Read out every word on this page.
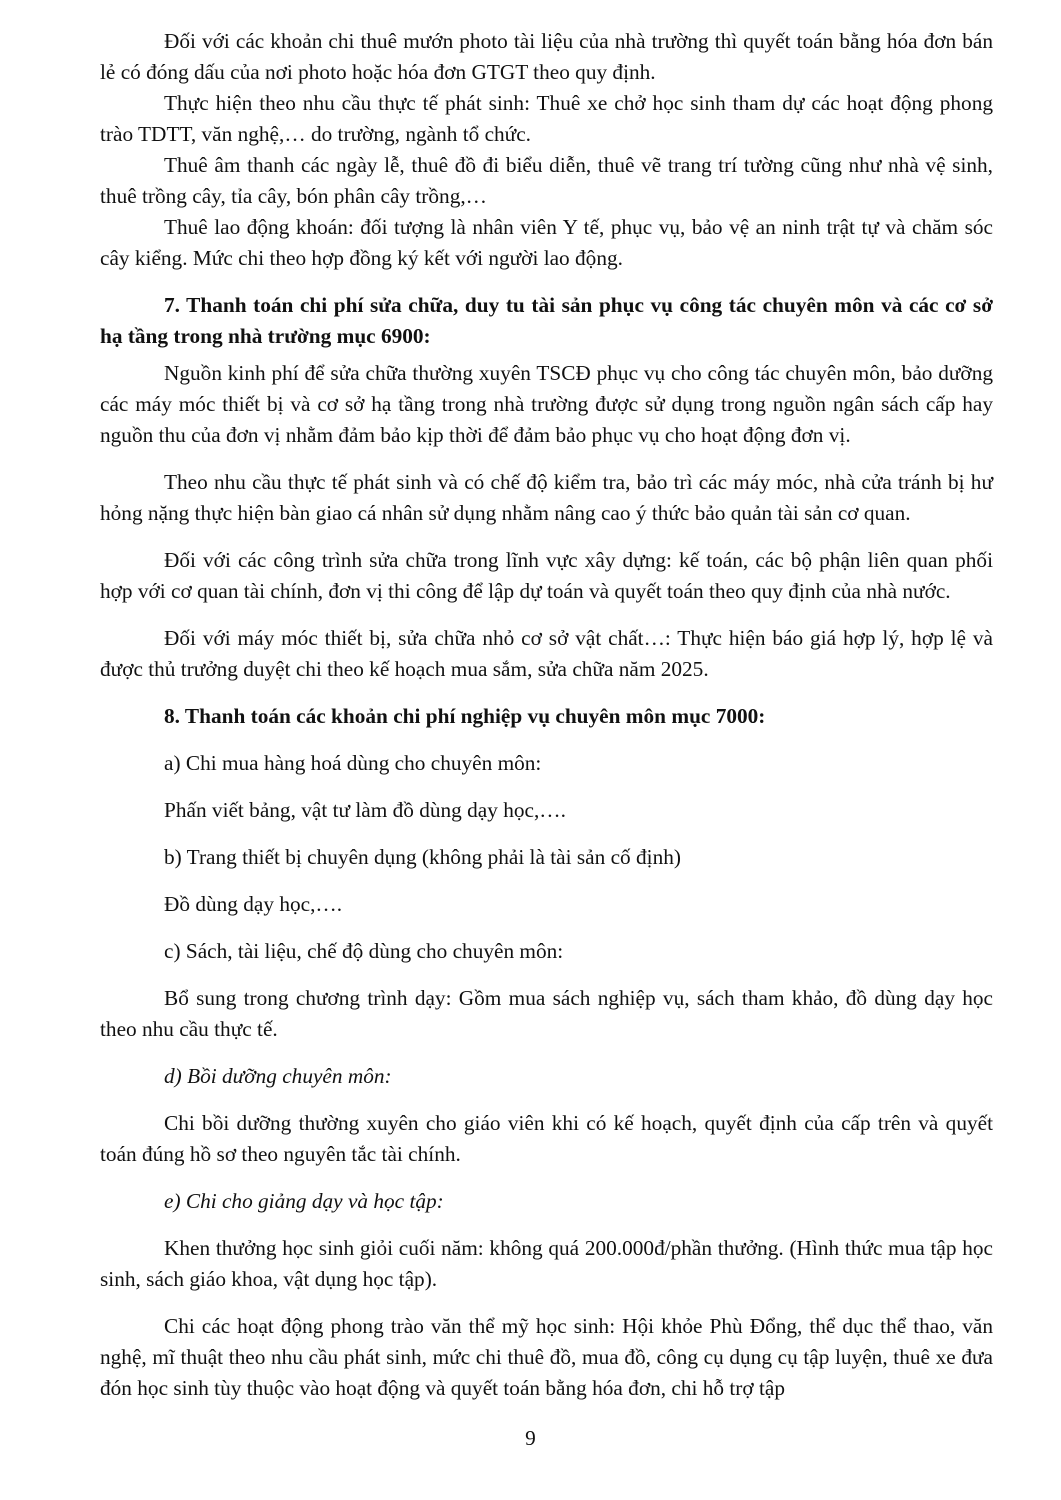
Đối với các khoản chi thuê mướn photo tài liệu của nhà trường thì quyết toán bằng hóa đơn bán lẻ có đóng dấu của nơi photo hoặc hóa đơn GTGT theo quy định.

Thực hiện theo nhu cầu thực tế phát sinh: Thuê xe chở học sinh tham dự các hoạt động phong trào TDTT, văn nghệ,… do trường, ngành tổ chức.

Thuê âm thanh các ngày lễ, thuê đồ đi biểu diễn, thuê vẽ trang trí tường cũng như nhà vệ sinh, thuê trồng cây, tỉa cây, bón phân cây trồng,…

Thuê lao động khoán: đối tượng là nhân viên Y tế, phục vụ, bảo vệ an ninh trật tự và chăm sóc cây kiểng. Mức chi theo hợp đồng ký kết với người lao động.

7. Thanh toán chi phí sửa chữa, duy tu tài sản phục vụ công tác chuyên môn và các cơ sở hạ tầng trong nhà trường mục 6900:

Nguồn kinh phí để sửa chữa thường xuyên TSCĐ phục vụ cho công tác chuyên môn, bảo dưỡng các máy móc thiết bị và cơ sở hạ tầng trong nhà trường được sử dụng trong nguồn ngân sách cấp hay nguồn thu của đơn vị nhằm đảm bảo kịp thời để đảm bảo phục vụ cho hoạt động đơn vị.

Theo nhu cầu thực tế phát sinh và có chế độ kiểm tra, bảo trì các máy móc, nhà cửa tránh bị hư hỏng nặng thực hiện bàn giao cá nhân sử dụng nhằm nâng cao ý thức bảo quản tài sản cơ quan.

Đối với các công trình sửa chữa trong lĩnh vực xây dựng: kế toán, các bộ phận liên quan phối hợp với cơ quan tài chính, đơn vị thi công để lập dự toán và quyết toán theo quy định của nhà nước.

Đối với máy móc thiết bị, sửa chữa nhỏ cơ sở vật chất…: Thực hiện báo giá hợp lý, hợp lệ và được thủ trưởng duyệt chi theo kế hoạch mua sắm, sửa chữa năm 2025.

8. Thanh toán các khoản chi phí nghiệp vụ chuyên môn mục 7000:

a) Chi mua hàng hoá dùng cho chuyên môn:

Phấn viết bảng, vật tư làm đồ dùng dạy học,….

b) Trang thiết bị chuyên dụng (không phải là tài sản cố định)

Đồ dùng dạy học,….

c) Sách, tài liệu, chế độ dùng cho chuyên môn:

Bổ sung trong chương trình dạy: Gồm mua sách nghiệp vụ, sách tham khảo, đồ dùng dạy học theo nhu cầu thực tế.

d) Bồi dưỡng chuyên môn:

Chi bồi dưỡng thường xuyên cho giáo viên khi có kế hoạch, quyết định của cấp trên và quyết toán đúng hồ sơ theo nguyên tắc tài chính.

e) Chi cho giảng dạy và học tập:

Khen thưởng học sinh giỏi cuối năm: không quá 200.000đ/phần thưởng. (Hình thức mua tập học sinh, sách giáo khoa, vật dụng học tập).

Chi các hoạt động phong trào văn thể mỹ học sinh: Hội khỏe Phù Đổng, thể dục thể thao, văn nghệ, mĩ thuật theo nhu cầu phát sinh, mức chi thuê đồ, mua đồ, công cụ dụng cụ tập luyện, thuê xe đưa đón học sinh tùy thuộc vào hoạt động và quyết toán bằng hóa đơn, chi hỗ trợ tập

9
